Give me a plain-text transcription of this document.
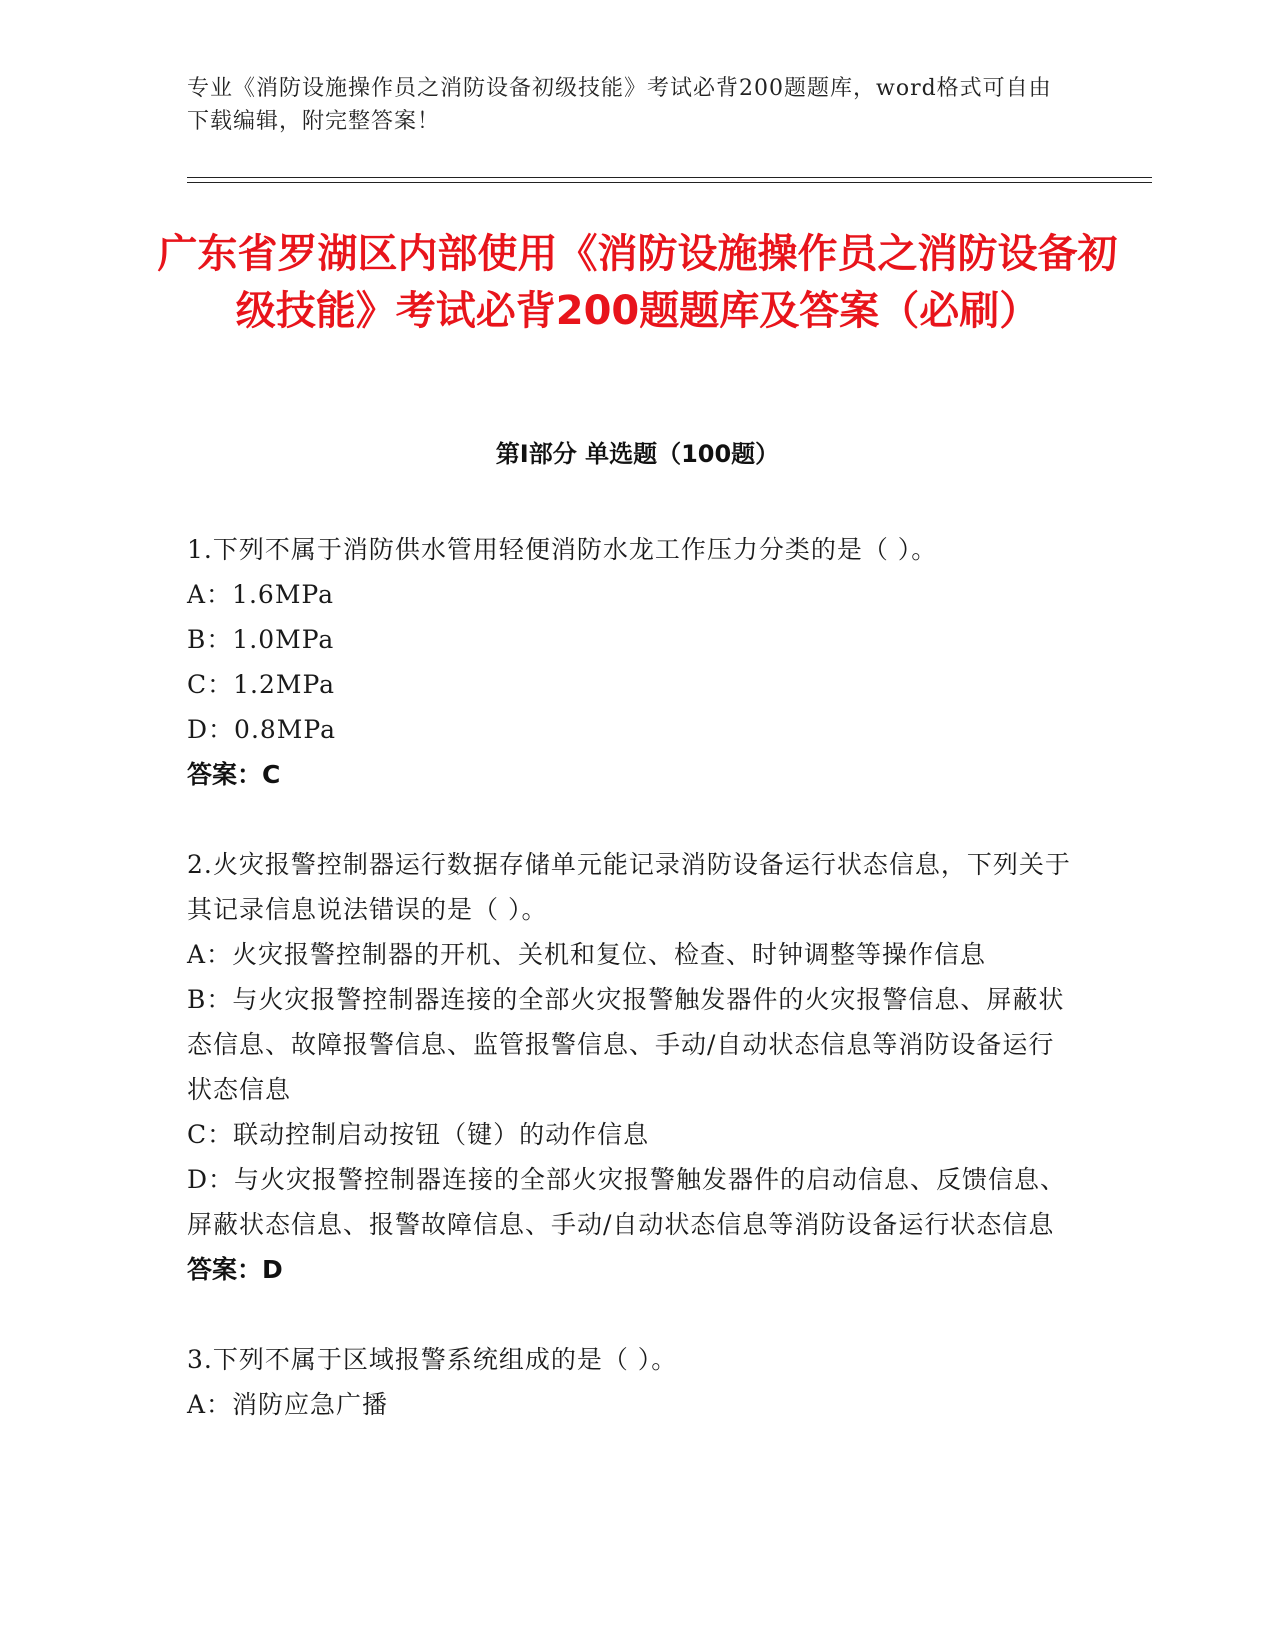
专业《消防设施操作员之消防设备初级技能》考试必背200题题库，word格式可自由下载编辑，附完整答案！
广东省罗湖区内部使用《消防设施操作员之消防设备初级技能》考试必背200题题库及答案（必刷）
第I部分 单选题（100题）
1.下列不属于消防供水管用轻便消防水龙工作压力分类的是（ ）。
A：1.6MPa
B：1.0MPa
C：1.2MPa
D：0.8MPa
答案：C
2.火灾报警控制器运行数据存储单元能记录消防设备运行状态信息，下列关于其记录信息说法错误的是（ ）。
A：火灾报警控制器的开机、关机和复位、检查、时钟调整等操作信息
B：与火灾报警控制器连接的全部火灾报警触发器件的火灾报警信息、屏蔽状态信息、故障报警信息、监管报警信息、手动/自动状态信息等消防设备运行状态信息
C：联动控制启动按钮（键）的动作信息
D：与火灾报警控制器连接的全部火灾报警触发器件的启动信息、反馈信息、屏蔽状态信息、报警故障信息、手动/自动状态信息等消防设备运行状态信息
答案：D
3.下列不属于区域报警系统组成的是（ ）。
A：消防应急广播
